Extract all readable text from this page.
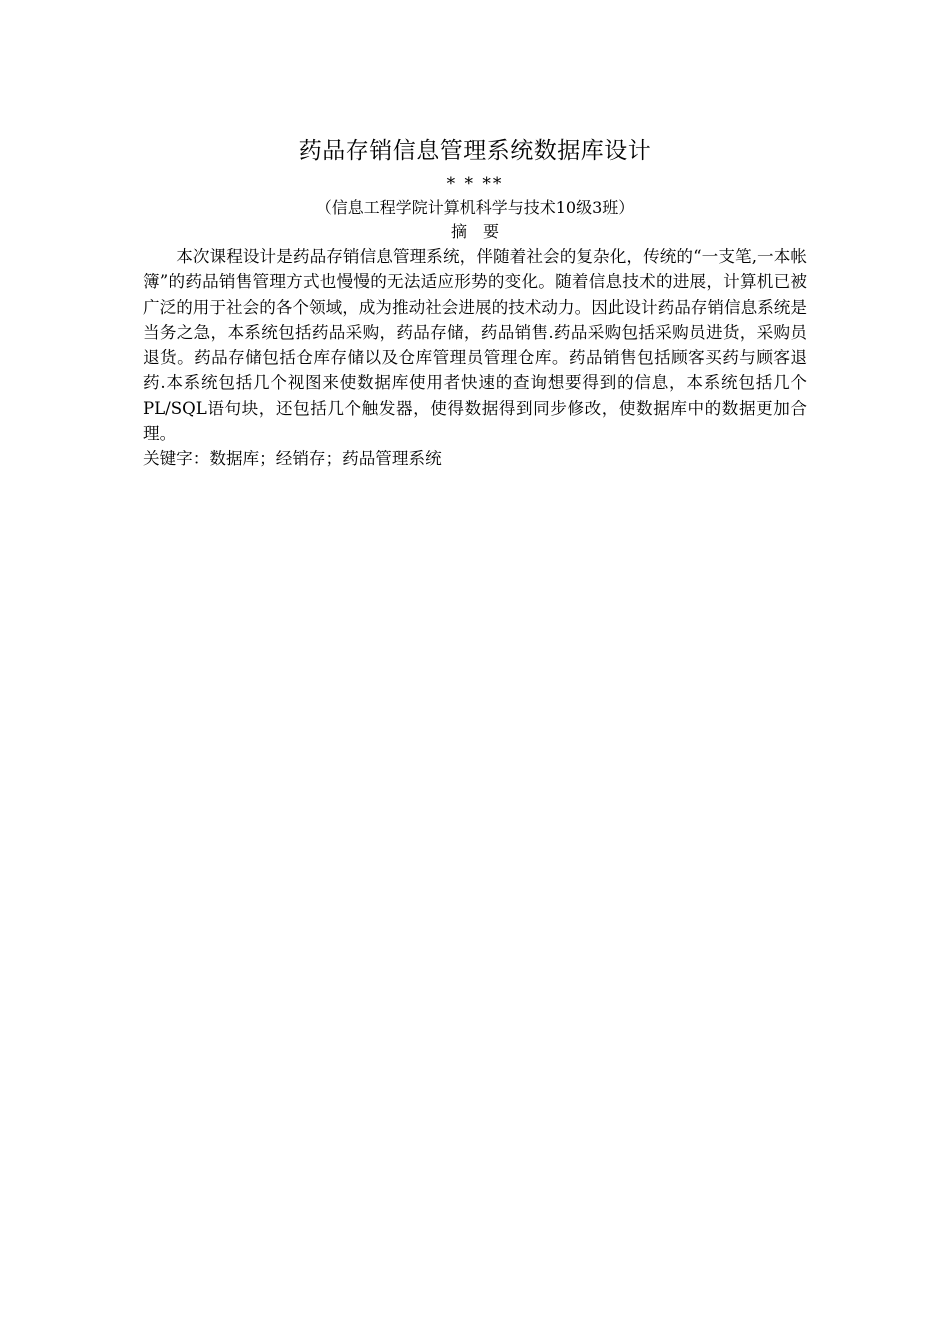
药品存销信息管理系统数据库设计

* * **

（信息工程学院计算机科学与技术10级3班）

摘要

本次课程设计是药品存销信息管理系统，伴随着社会的复杂化，传统的“一支笔,一本帐簿”的药品销售管理方式也慢慢的无法适应形势的变化。随着信息技术的进展，计算机已被广泛的用于社会的各个领域，成为推动社会进展的技术动力。因此设计药品存销信息系统是当务之急，本系统包括药品采购，药品存储，药品销售.药品采购包括采购员进货，采购员退货。药品存储包括仓库存储以及仓库管理员管理仓库。药品销售包括顾客买药与顾客退药.本系统包括几个视图来使数据库使用者快速的查询想要得到的信息，本系统包括几个PL/SQL语句块，还包括几个触发器，使得数据得到同步修改，使数据库中的数据更加合理。

关键字：数据库；经销存；药品管理系统
